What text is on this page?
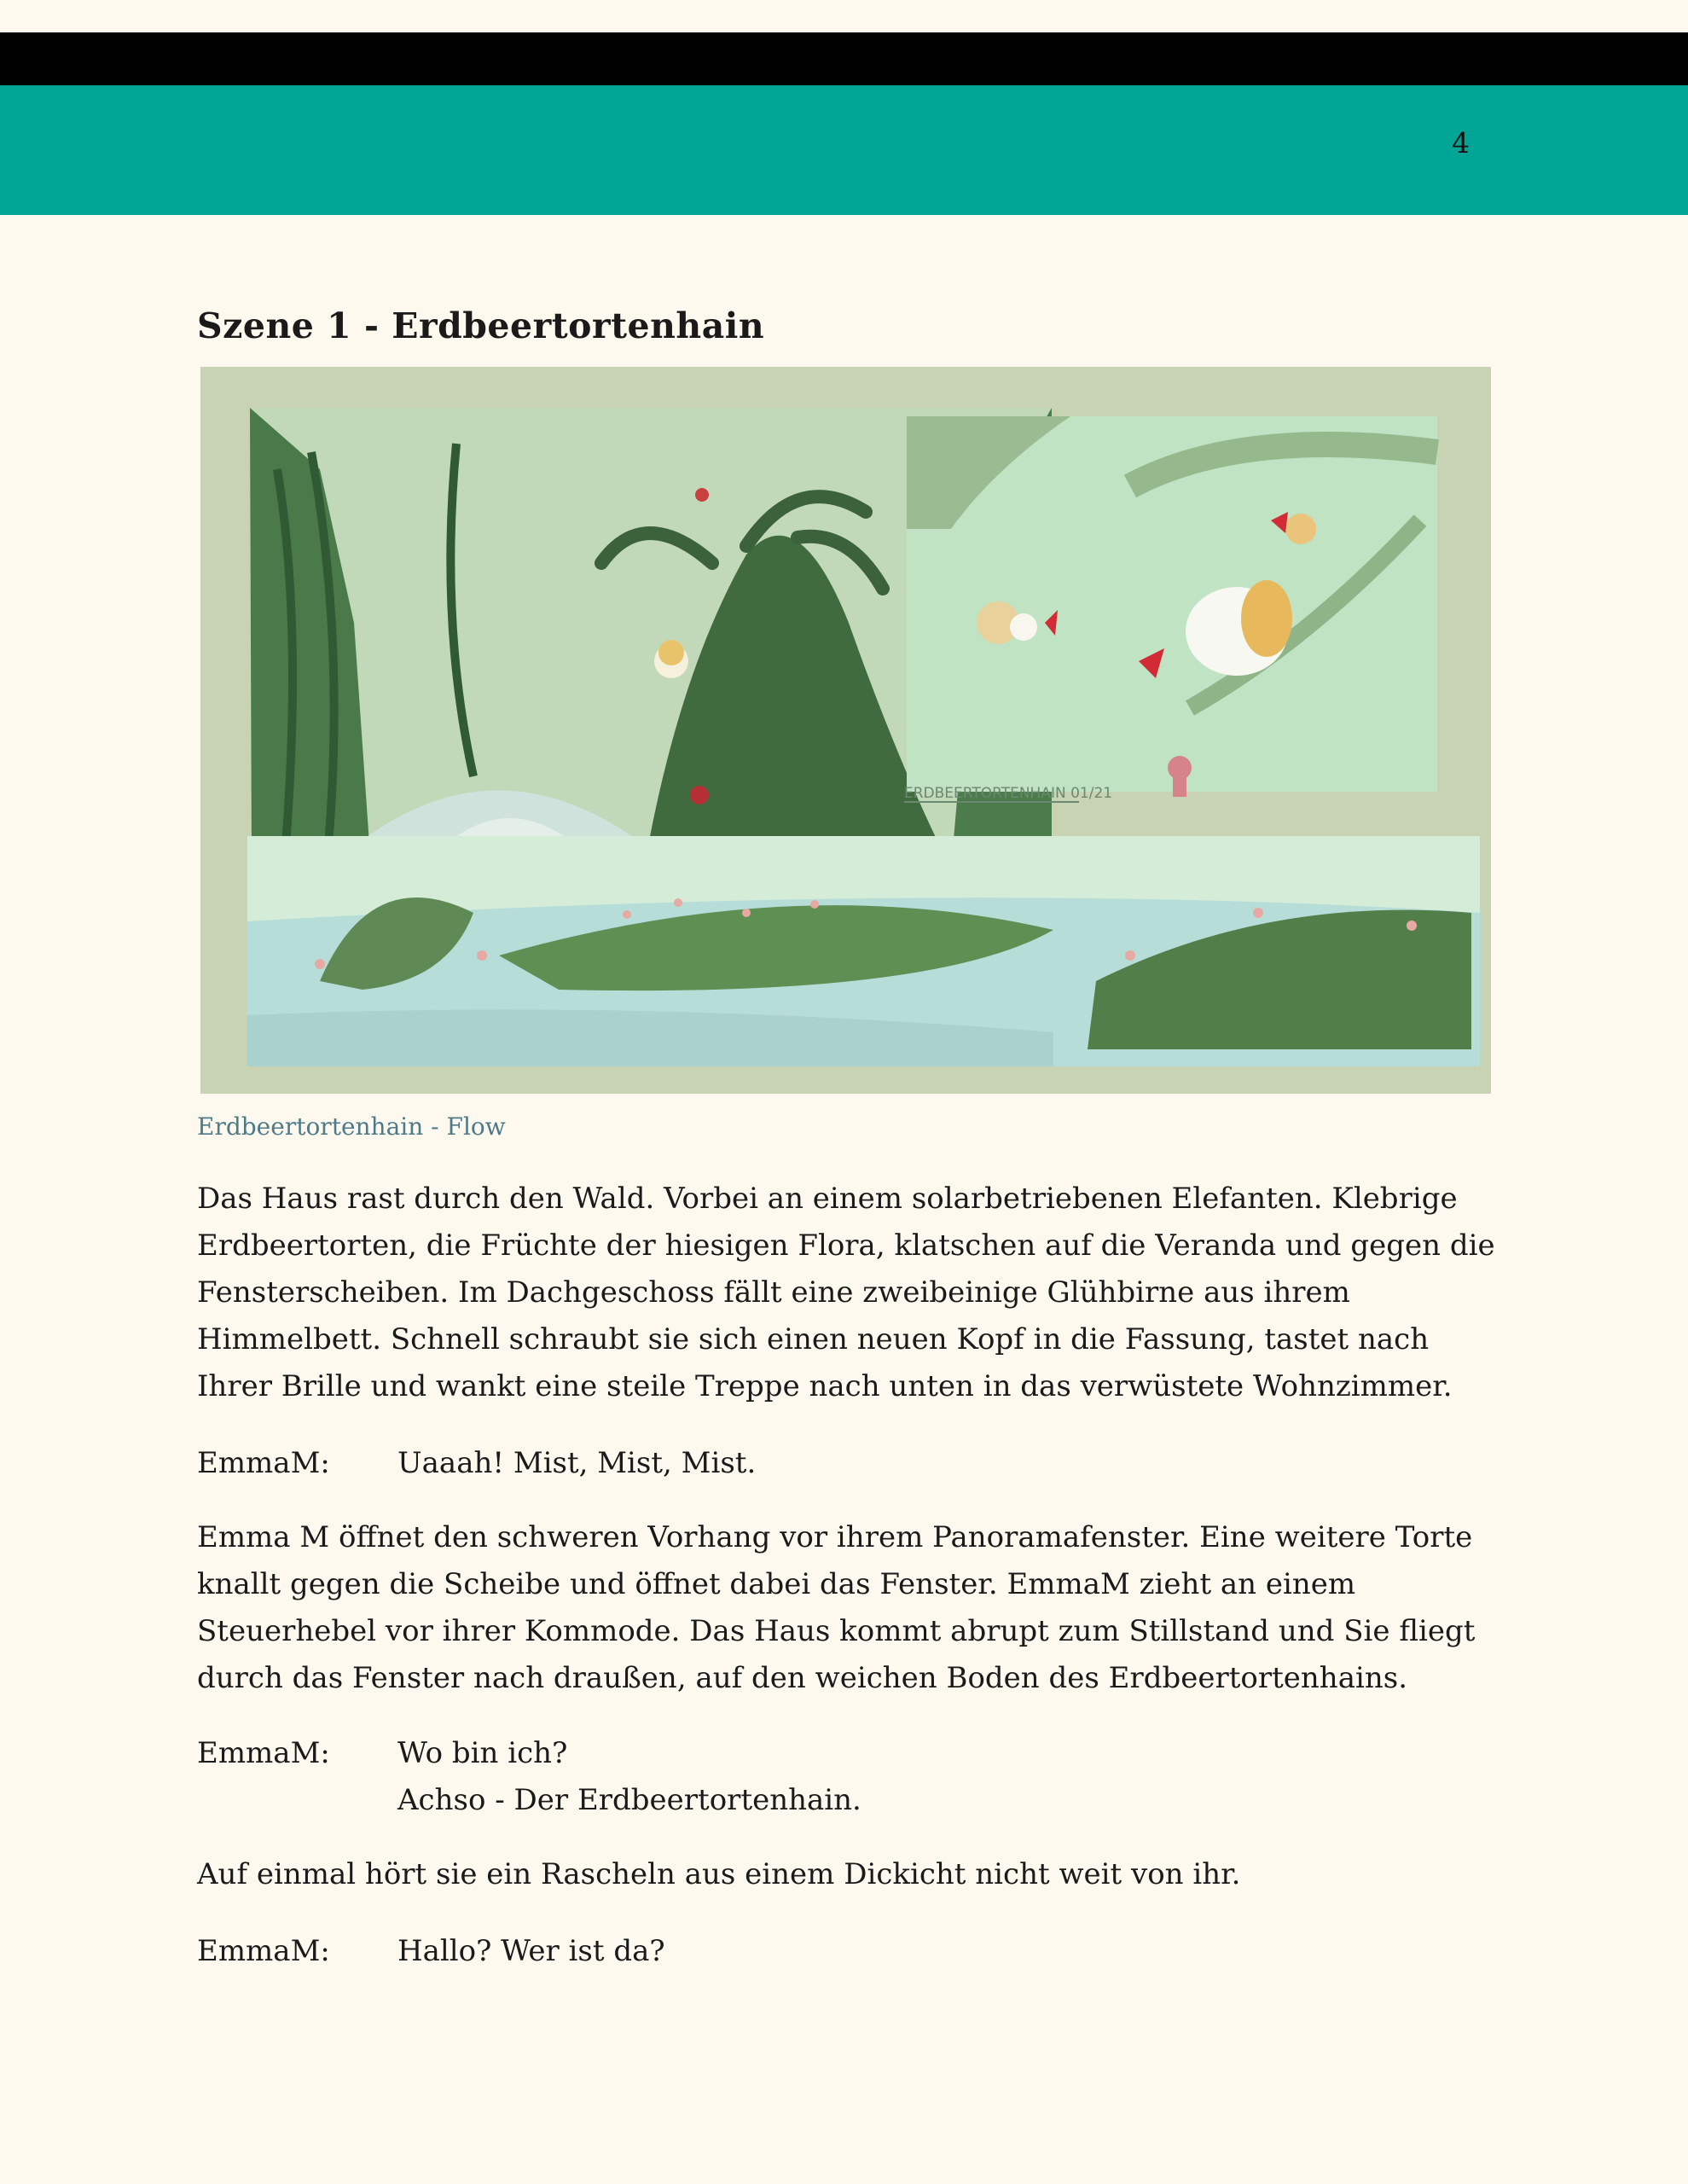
4
Szene 1 - Erdbeertortenhain
ERDBEERTORTENHAIN 01/21
Erdbeertortenhain - Flow

Das Haus rast durch den Wald. Vorbei an einem solarbetriebenen Elefanten. Klebrige Erdbeertorten, die Früchte der hiesigen Flora, klatschen auf die Veranda und gegen die Fensterscheiben. Im Dachgeschoss fällt eine zweibeinige Glühbirne aus ihrem Himmelbett. Schnell schraubt sie sich einen neuen Kopf in die Fassung, tastet nach Ihrer Brille und wankt eine steile Treppe nach unten in das verwüstete Wohnzimmer.

EmmaM:	Uaaah! Mist, Mist, Mist.

Emma M öffnet den schweren Vorhang vor ihrem Panoramafenster. Eine weitere Torte knallt gegen die Scheibe und öffnet dabei das Fenster. EmmaM zieht an einem Steuerhebel vor ihrer Kommode. Das Haus kommt abrupt zum Stillstand und Sie fliegt durch das Fenster nach draußen, auf den weichen Boden des Erdbeertortenhains.

EmmaM:	Wo bin ich?
Achso - Der Erdbeertortenhain.

Auf einmal hört sie ein Rascheln aus einem Dickicht nicht weit von ihr.

EmmaM:	Hallo? Wer ist da?
